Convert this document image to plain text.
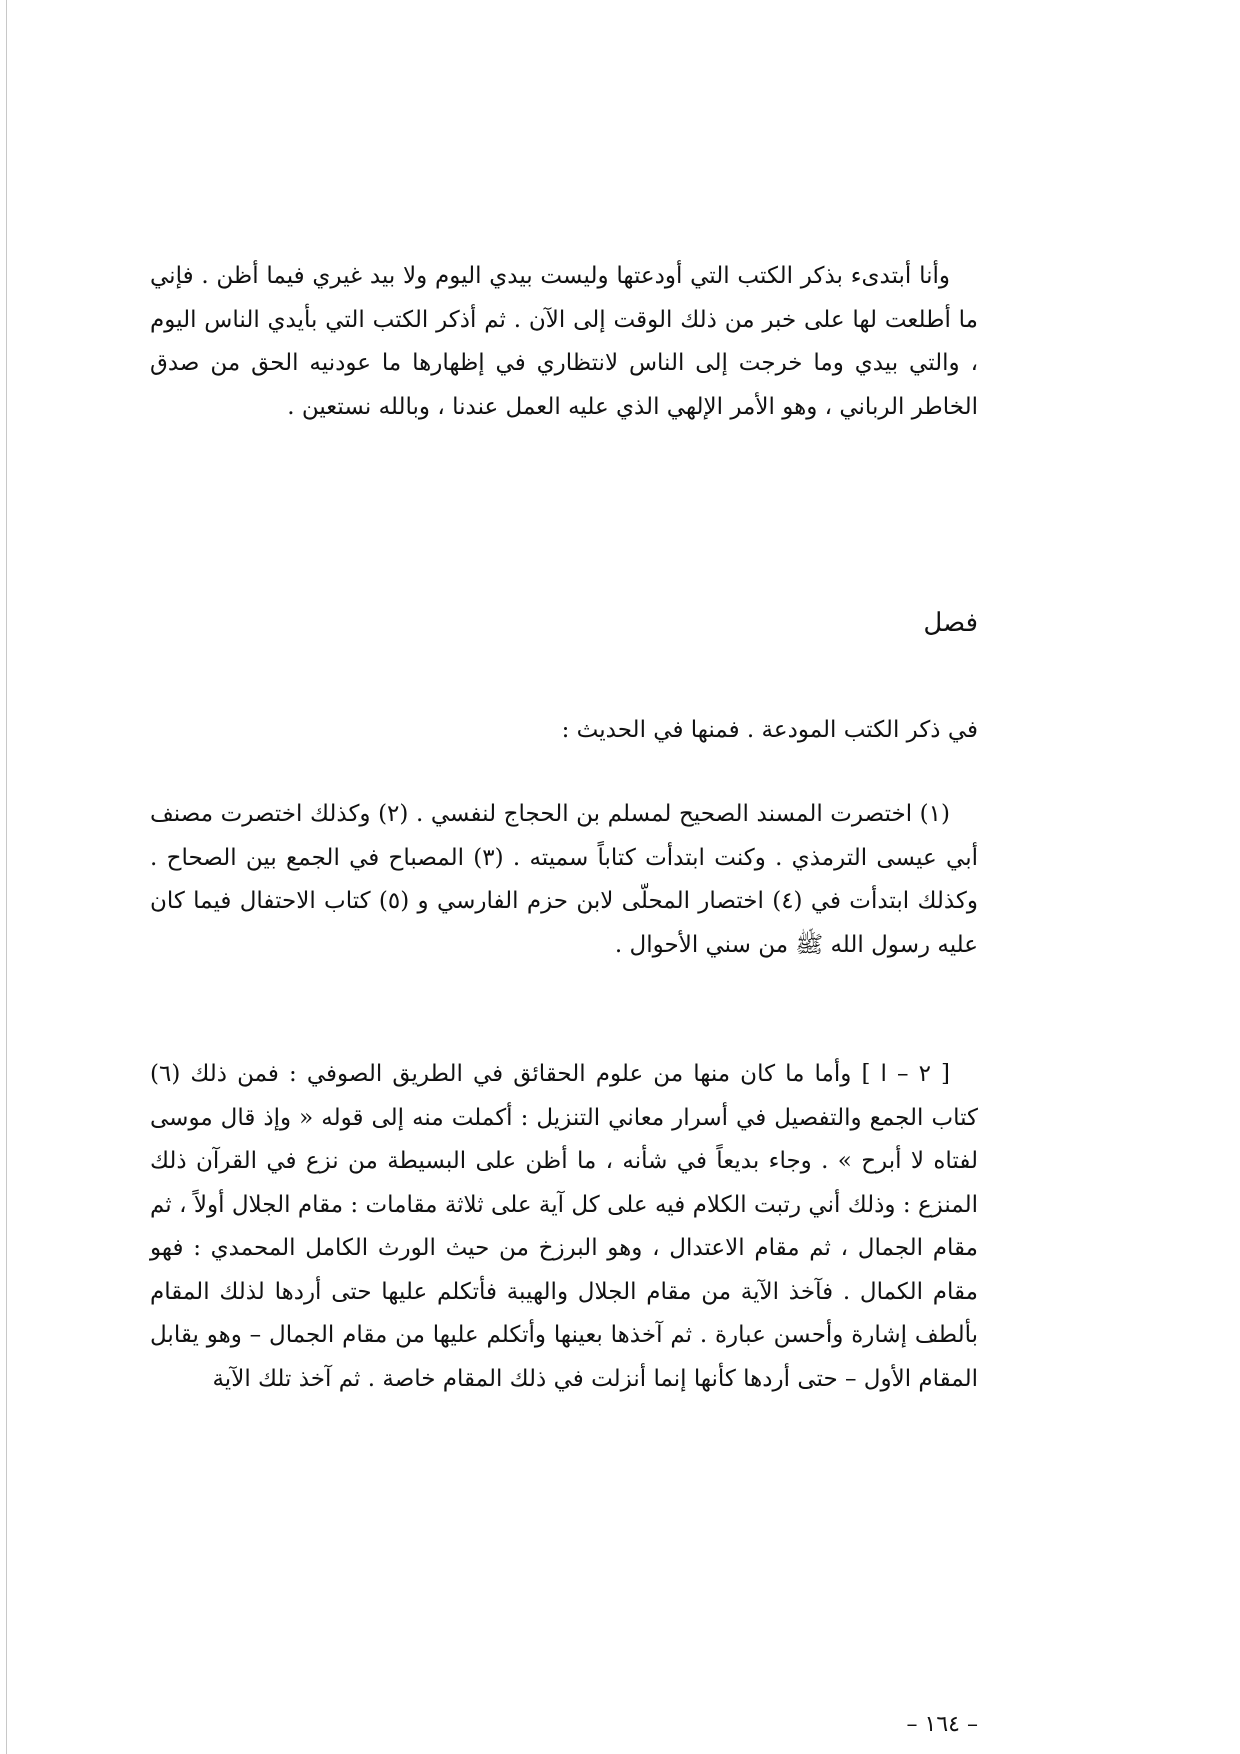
وأنا أبتدىء بذكر الكتب التي أودعتها وليست بيدي اليوم ولا بيد غيري فيما أظن . فإني ما أطلعت لها على خبر من ذلك الوقت إلى الآن . ثم أذكر الكتب التي بأيدي الناس اليوم ، والتي بيدي وما خرجت إلى الناس لانتظاري في إظهارها ما عودنيه الحق من صدق الخاطر الرباني ، وهو الأمر الإلهي الذي عليه العمل عندنا ، وبالله نستعين .

فصل

في ذكر الكتب المودعة . فمنها في الحديث :

(١) اختصرت المسند الصحيح لمسلم بن الحجاج لنفسي . (٢) وكذلك اختصرت مصنف أبي عيسى الترمذي . وكنت ابتدأت كتاباً سميته . (٣) المصباح في الجمع بين الصحاح . وكذلك ابتدأت في (٤) اختصار المحلّى لابن حزم الفارسي و (٥) كتاب الاحتفال فيما كان عليه رسول الله ﷺ من سني الأحوال .

[ ٢ – ا ] وأما ما كان منها من علوم الحقائق في الطريق الصوفي : فمن ذلك (٦) كتاب الجمع والتفصيل في أسرار معاني التنزيل : أكملت منه إلى قوله « وإذ قال موسى لفتاه لا أبرح » . وجاء بديعاً في شأنه ، ما أظن على البسيطة من نزع في القرآن ذلك المنزع : وذلك أني رتبت الكلام فيه على كل آية على ثلاثة مقامات : مقام الجلال أولاً ، ثم مقام الجمال ، ثم مقام الاعتدال ، وهو البرزخ من حيث الورث الكامل المحمدي : فهو مقام الكمال . فآخذ الآية من مقام الجلال والهيبة فأتكلم عليها حتى أردها لذلك المقام بألطف إشارة وأحسن عبارة . ثم آخذها بعينها وأتكلم عليها من مقام الجمال – وهو يقابل المقام الأول – حتى أردها كأنها إنما أنزلت في ذلك المقام خاصة . ثم آخذ تلك الآية

– ١٦٤ –
